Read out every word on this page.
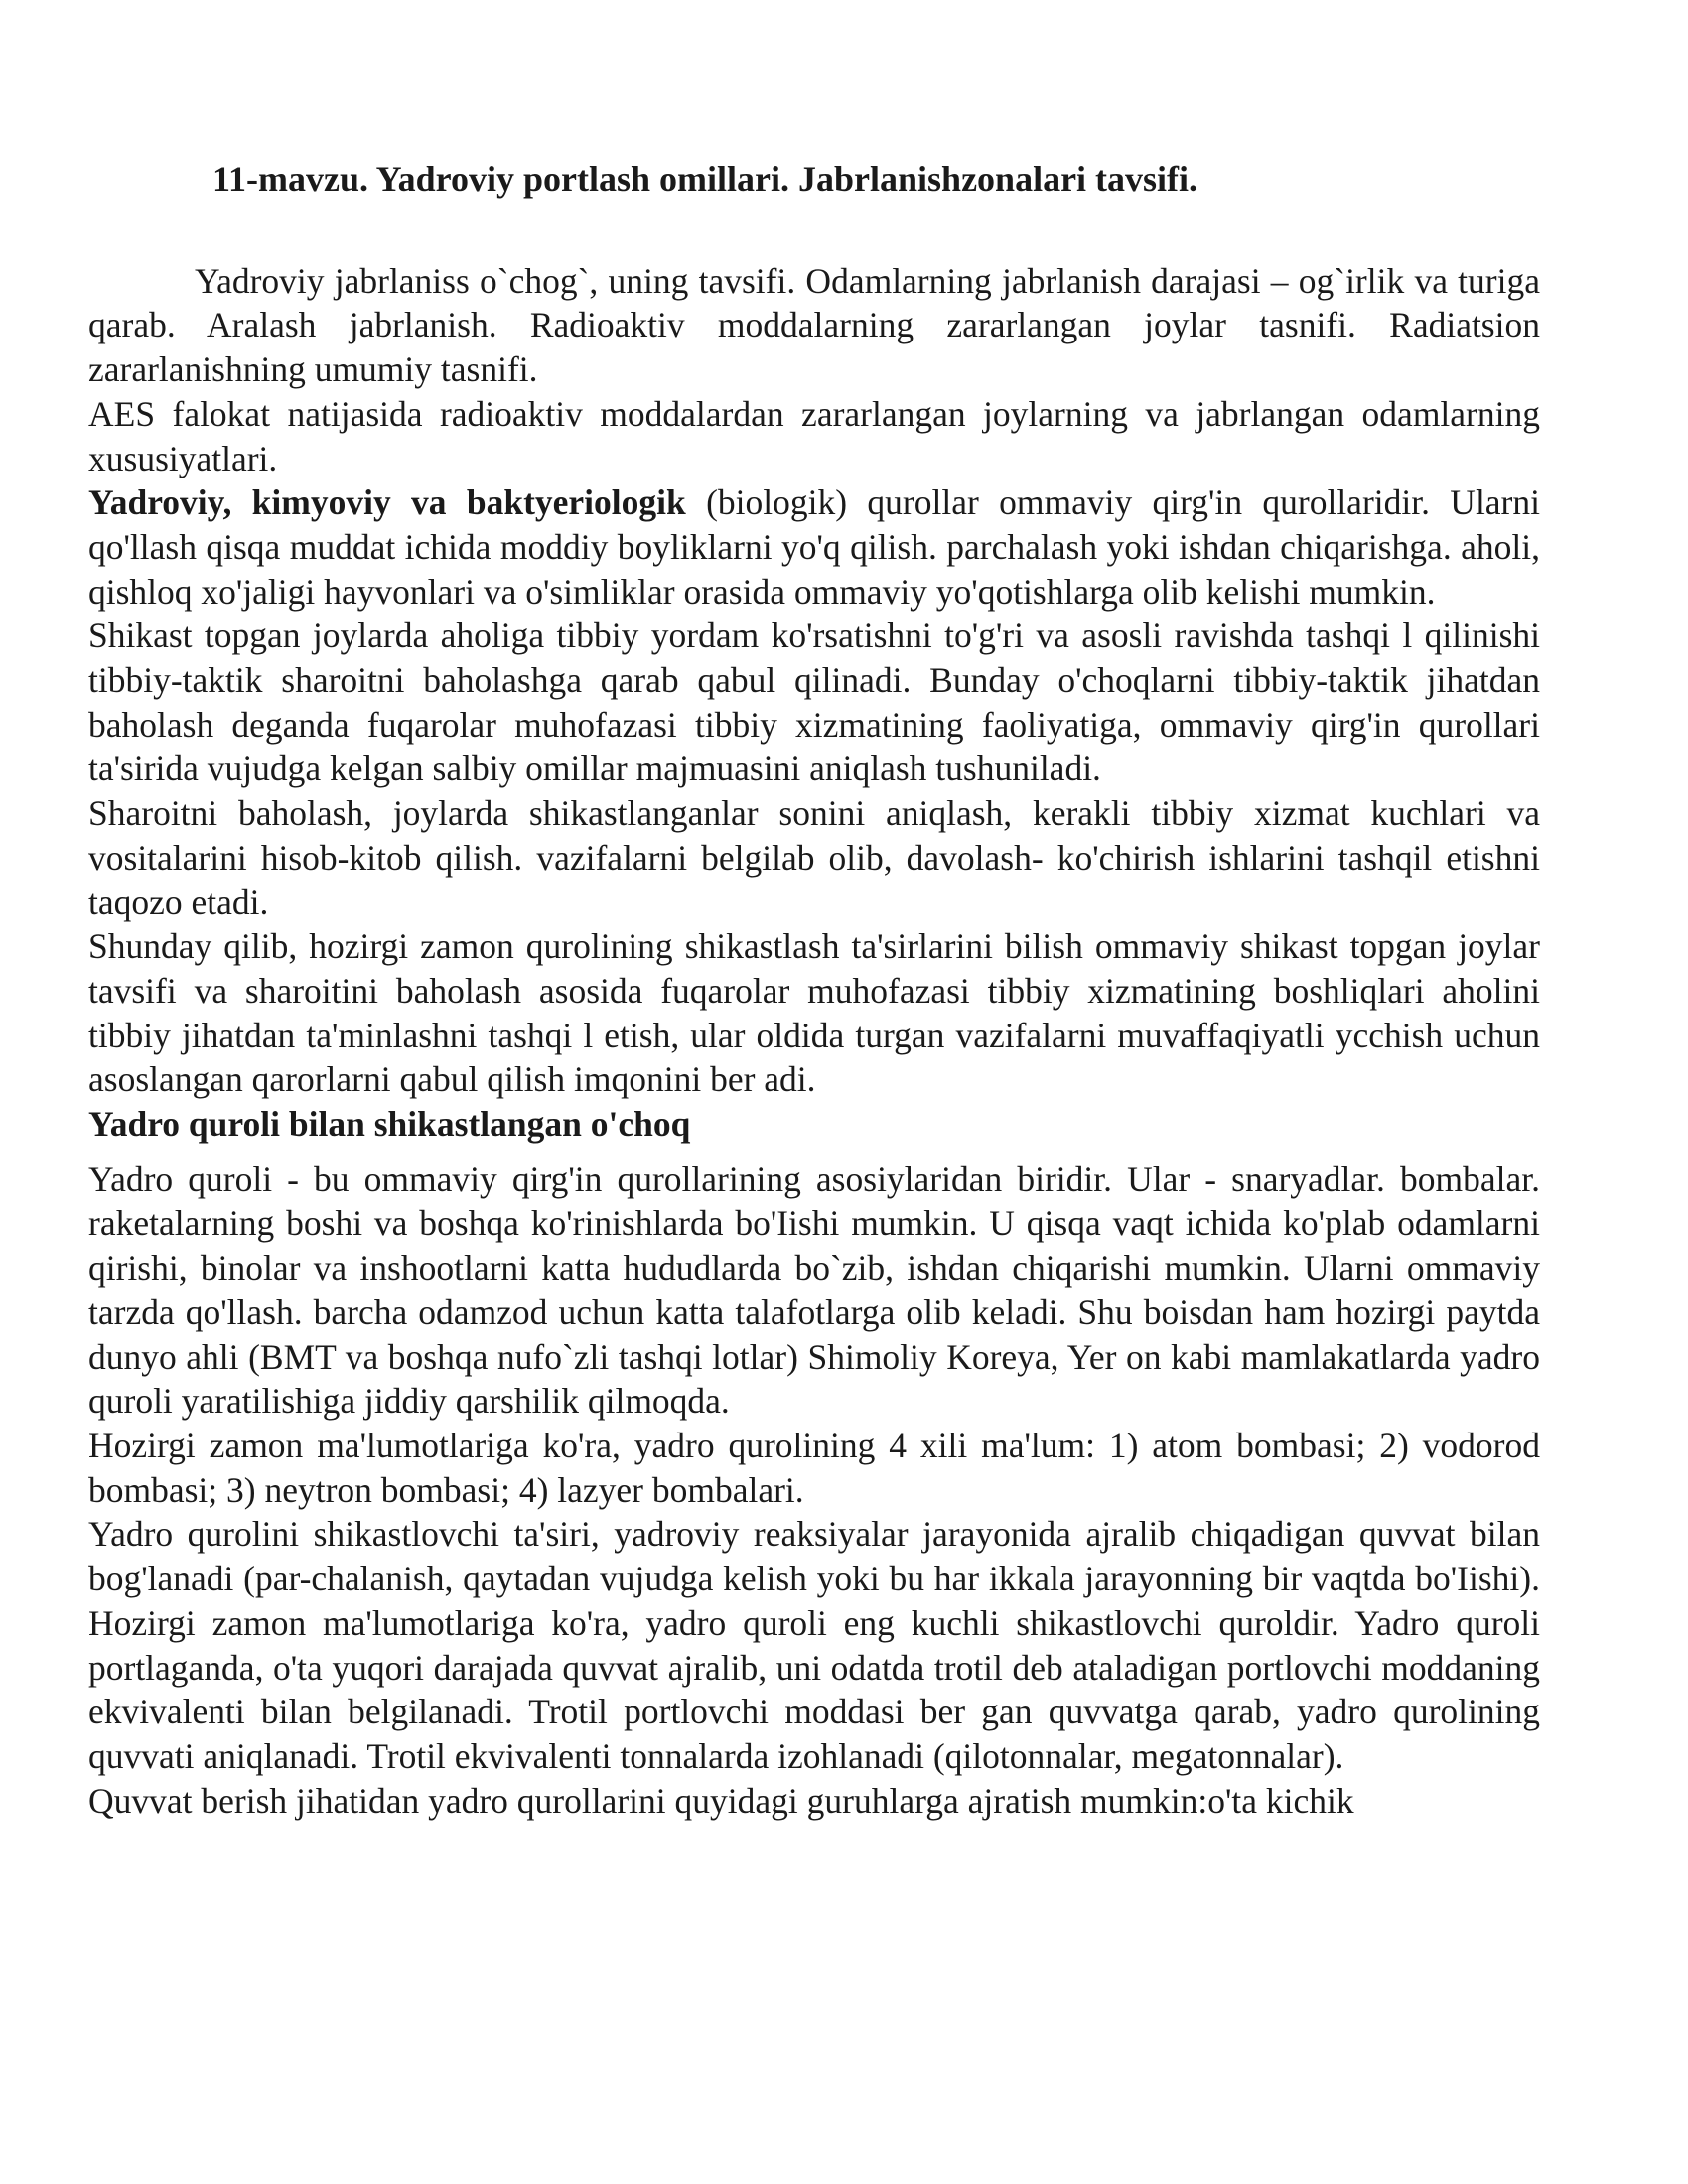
11-mavzu. Yadroviy portlash omillari. Jabrlanishzonalari tavsifi.

Yadroviy jabrlaniss o`chog`, uning tavsifi. Odamlarning jabrlanish darajasi – og`irlik va turiga qarab. Aralash jabrlanish. Radioaktiv moddalarning zararlangan joylar tasnifi. Radiatsion zararlanishning umumiy tasnifi.

AES falokat natijasida radioaktiv moddalardan zararlangan joylarning va jabrlangan odamlarning xususiyatlari.

Yadroviy, kimyoviy va baktyeriologik (biologik) qurollar ommaviy qirg'in qurollaridir. Ularni qo'llash qisqa muddat ichida moddiy boyliklarni yo'q qilish. parchalash yoki ishdan chiqarishga. aholi, qishloq xo'jaligi hayvonlari va o'simliklar orasida ommaviy yo'qotishlarga olib kelishi mumkin.

Shikast topgan joylarda aholiga tibbiy yordam ko'rsatishni to'g'ri va asosli ravishda tashqi l qilinishi tibbiy-taktik sharoitni baholashga qarab qabul qilinadi. Bunday o'choqlarni tibbiy-taktik jihatdan baholash deganda fuqarolar muhofazasi tibbiy xizmatining faoliyatiga, ommaviy qirg'in qurollari ta'sirida vujudga kelgan salbiy omillar majmuasini aniqlash tushuniladi.

Sharoitni baholash, joylarda shikastlanganlar sonini aniqlash, kerakli tibbiy xizmat kuchlari va vositalarini hisob-kitob qilish. vazifalarni belgilab olib, davolash- ko'chirish ishlarini tashqil etishni taqozo etadi.

Shunday qilib, hozirgi zamon qurolining shikastlash ta'sirlarini bilish ommaviy shikast topgan joylar tavsifi va sharoitini baholash asosida fuqarolar muhofazasi tibbiy xizmatining boshliqlari aholini tibbiy jihatdan ta'minlashni tashqi l etish, ular oldida turgan vazifalarni muvaffaqiyatli ycchish uchun asoslangan qarorlarni qabul qilish imqonini ber adi.

Yadro quroli bilan shikastlangan o'choq

Yadro quroli - bu ommaviy qirg'in qurollarining asosiylaridan biridir. Ular - snaryadlar. bombalar. raketalarning boshi va boshqa ko'rinishlarda bo'Iishi mumkin. U qisqa vaqt ichida ko'plab odamlarni qirishi, binolar va inshootlarni katta hududlarda bo`zib, ishdan chiqarishi mumkin. Ularni ommaviy tarzda qo'llash. barcha odamzod uchun katta talafotlarga olib keladi. Shu boisdan ham hozirgi paytda dunyo ahli (BMT va boshqa nufo`zli tashqi lotlar) Shimoliy Koreya, Yer on kabi mamlakatlarda yadro quroli yaratilishiga jiddiy qarshilik qilmoqda.

Hozirgi zamon ma'lumotlariga ko'ra, yadro qurolining 4 xili ma'lum: 1) atom bombasi; 2) vodorod bombasi; 3) neytron bombasi; 4) lazyer bombalari.

Yadro qurolini shikastlovchi ta'siri, yadroviy reaksiyalar jarayonida ajralib chiqadigan quvvat bilan bog'lanadi (par-chalanish, qaytadan vujudga kelish yoki bu har ikkala jarayonning bir vaqtda bo'Iishi). Hozirgi zamon ma'lumotlariga ko'ra, yadro quroli eng kuchli shikastlovchi quroldir. Yadro quroli portlaganda, o'ta yuqori darajada quvvat ajralib, uni odatda trotil deb ataladigan portlovchi moddaning ekvivalenti bilan belgilanadi. Trotil portlovchi moddasi ber gan quvvatga qarab, yadro qurolining quvvati aniqlanadi. Trotil ekvivalenti tonnalarda izohlanadi (qilotonnalar, megatonnalar).

Quvvat berish jihatidan yadro qurollarini quyidagi guruhlarga ajratish mumkin:o'ta kichik
